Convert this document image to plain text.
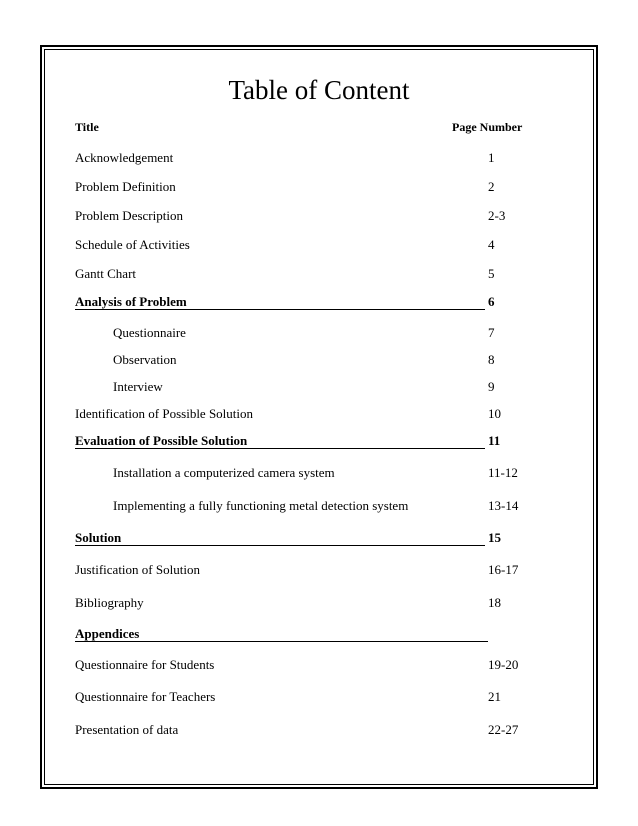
Table of Content
Title	Page Number
Acknowledgement	1
Problem Definition	2
Problem Description	2-3
Schedule of Activities	4
Gantt Chart	5
Analysis of Problem	6
Questionnaire	7
Observation	8
Interview	9
Identification of Possible Solution	10
Evaluation of Possible Solution	11
Installation a computerized camera system	11-12
Implementing a fully functioning metal detection system	13-14
Solution	15
Justification of Solution	16-17
Bibliography	18
Appendices
Questionnaire for Students	19-20
Questionnaire for Teachers	21
Presentation of data	22-27
